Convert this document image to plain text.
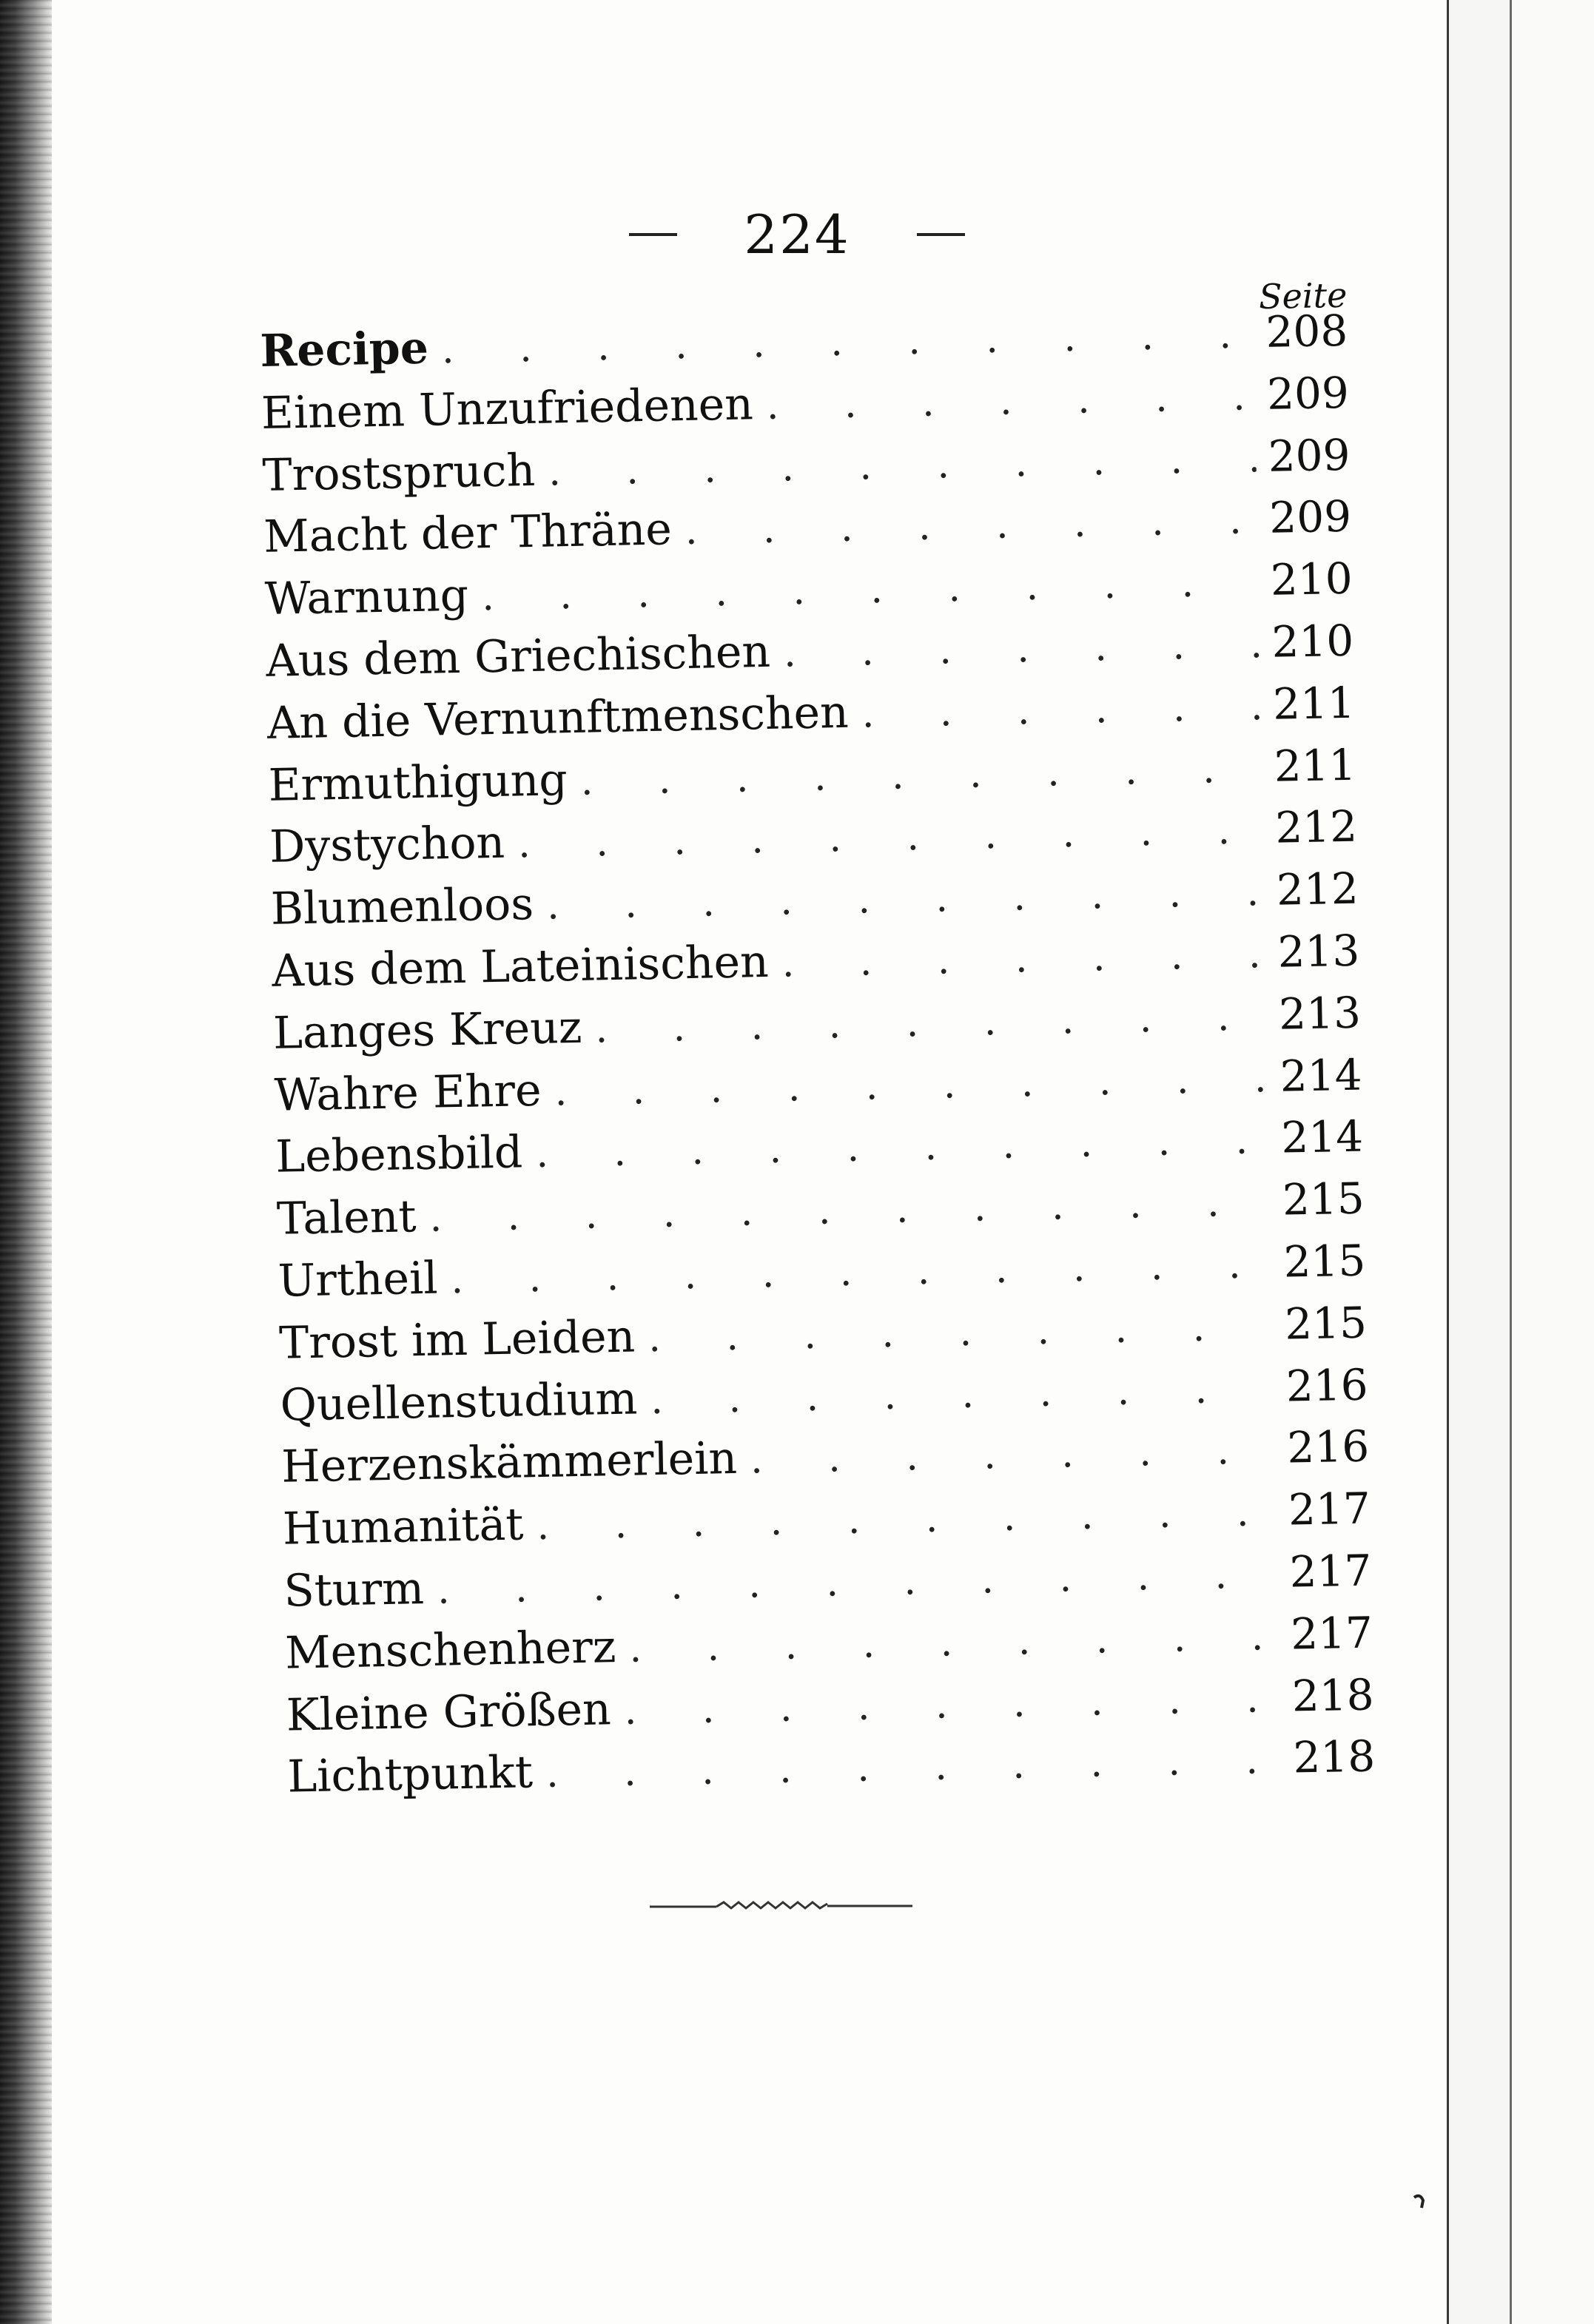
224
Seite
Recipe . . .	208
Einem Unzufriedenen . . .	209
Trostspruch . . .	209
Macht der Thräne . . .	209
Warnung . . .	210
Aus dem Griechischen . . .	210
An die Vernunftmenschen . . .	211
Ermuthigung . . .	211
Dystychon . . .	212
Blumenloos . . .	212
Aus dem Lateinischen . . .	213
Langes Kreuz . . .	213
Wahre Ehre . . .	214
Lebensbild . . .	214
Talent . . .	215
Urtheil . . .	215
Trost im Leiden . . .	215
Quellenstudium . . .	216
Herzenskämmerlein . . .	216
Humanität . . .	217
Sturm . . .	217
Menschenherz . . .	217
Kleine Größen . . .	218
Lichtpunkt . . .	218
